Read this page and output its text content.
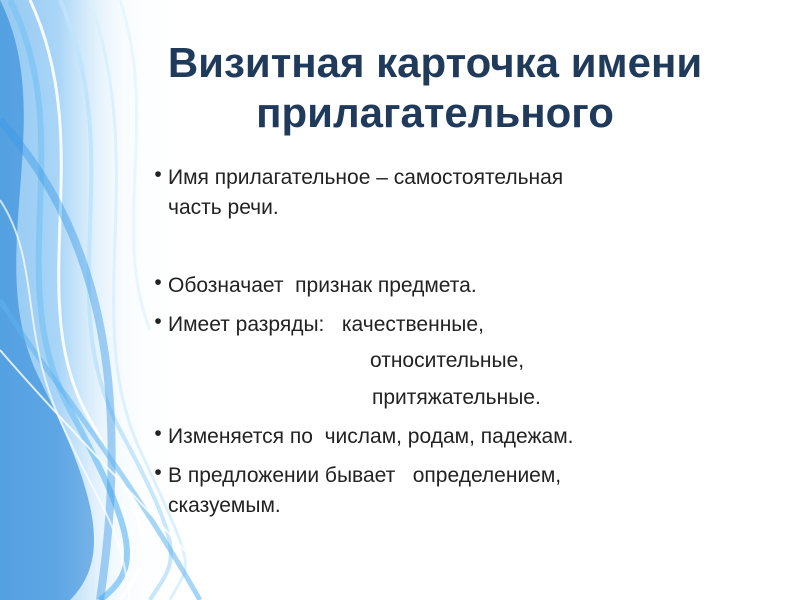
Визитная карточка имени прилагательного
• Имя прилагательное – самостоятельная
часть речи.
• Обозначает  признак предмета.
• Имеет разряды:   качественные,
относительные,
притяжательные.
• Изменяется по  числам, родам, падежам.
• В предложении бывает   определением,
сказуемым.
